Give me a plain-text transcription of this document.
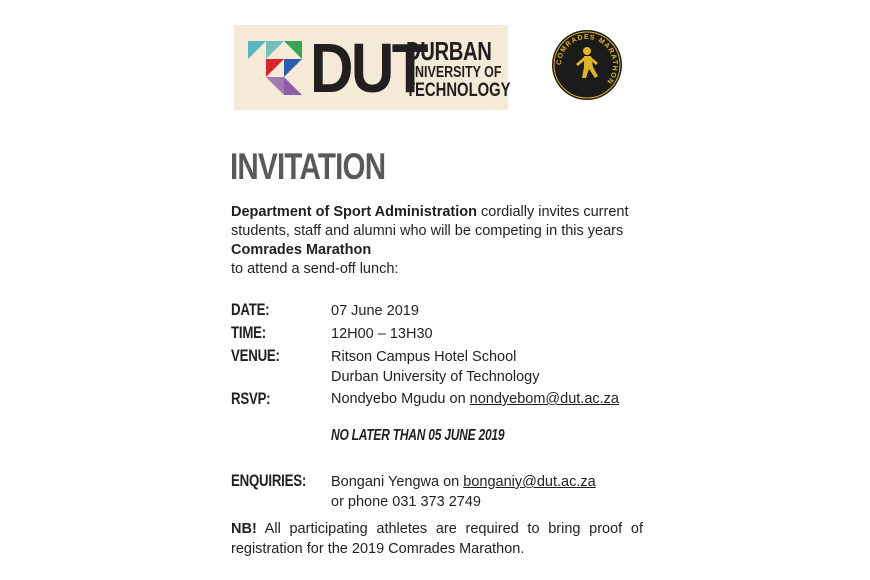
DUT
DURBAN
UNIVERSITY OF
TECHNOLOGY
COMRADES MARATHON
INVITATION
Department of Sport Administration cordially invites current students, staff and alumni who will be competing in this years Comrades Marathon
to attend a send-off lunch:
DATE:	07 June 2019
TIME:	12H00 – 13H30
VENUE:	Ritson Campus Hotel School
Durban University of Technology
RSVP:	Nondyebo Mgudu on nondyebom@dut.ac.za
NO LATER THAN 05 JUNE 2019
ENQUIRIES: Bongani Yengwa on bonganiy@dut.ac.za
or phone 031 373 2749
NB! All participating athletes are required to bring proof of registration for the 2019 Comrades Marathon.
